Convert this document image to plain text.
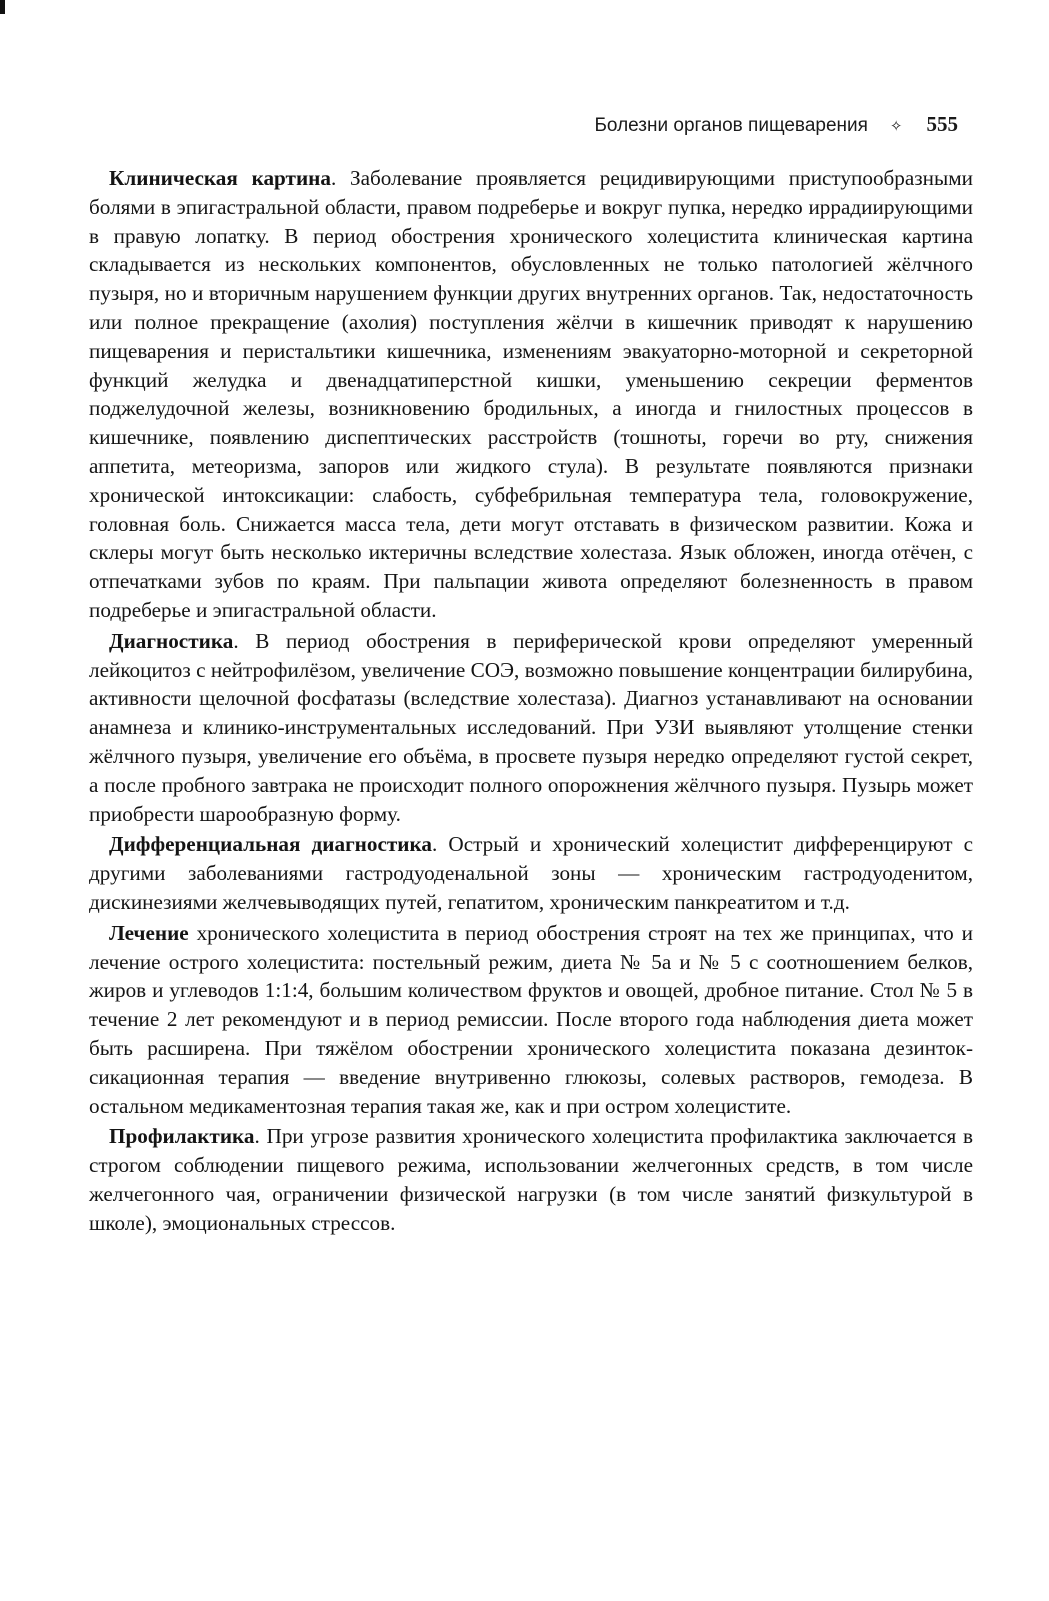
Болезни органов пищеварения ✧ 555

Клиническая картина. Заболевание проявляется рецидивирующими приступообразными болями в эпигастральной области, правом подреберье и вокруг пупка, нередко иррадиирующими в правую лопатку. В период обострения хронического холецистита клиническая картина складывается из нескольких компонентов, обусловленных не только патологией жёлчного пузыря, но и вторичным нарушением функции других внутренних органов. Так, недостаточность или полное прекращение (ахолия) поступления жёлчи в кишечник приводят к нарушению пищеварения и перистальтики кишечника, изменениям эвакуаторно-моторной и секреторной функций желудка и двенадцатиперстной кишки, уменьшению секреции ферментов поджелудочной железы, возникновению бродильных, а иногда и гнилостных процессов в кишечнике, появлению диспептических расстройств (тошноты, горечи во рту, снижения аппетита, метеоризма, запоров или жидкого стула). В результате появляются признаки хронической интоксикации: слабость, субфебрильная температура тела, головокружение, головная боль. Снижается масса тела, дети могут отставать в физическом развитии. Кожа и склеры могут быть несколько иктеричны вследствие холестаза. Язык обложен, иногда отёчен, с отпечатками зубов по краям. При пальпации живота определяют болезненность в правом подреберье и эпигастральной области.

Диагностика. В период обострения в периферической крови определяют умеренный лейкоцитоз с нейтрофилёзом, увеличение СОЭ, возможно повышение концентрации билирубина, активности щелочной фосфатазы (вследствие холестаза). Диагноз устанавливают на основании анамнеза и клинико-инструментальных исследований. При УЗИ выявляют утолщение стенки жёлчного пузыря, увеличение его объёма, в просвете пузыря нередко определяют густой секрет, а после пробного завтрака не происходит полного опорожнения жёлчного пузыря. Пузырь может приобрести шарообразную форму.

Дифференциальная диагностика. Острый и хронический холецистит дифференцируют с другими заболеваниями гастродуоденальной зоны — хроническим гастродуоденитом, дискинезиями желчевыводящих путей, гепатитом, хроническим панкреатитом и т.д.

Лечение хронического холецистита в период обострения строят на тех же принципах, что и лечение острого холецистита: постельный режим, диета № 5а и № 5 с соотношением белков, жиров и углеводов 1:1:4, большим количеством фруктов и овощей, дробное питание. Стол № 5 в течение 2 лет рекомендуют и в период ремиссии. После второго года наблюдения диета может быть расширена. При тяжёлом обострении хронического холецистита показана дезинтоксикационная терапия — введение внутривенно глюкозы, солевых растворов, гемодеза. В остальном медикаментозная терапия такая же, как и при остром холецистите.

Профилактика. При угрозе развития хронического холецистита профилактика заключается в строгом соблюдении пищевого режима, использовании желчегонных средств, в том числе желчегонного чая, ограничении физической нагрузки (в том числе занятий физкультурой в школе), эмоциональных стрессов.
